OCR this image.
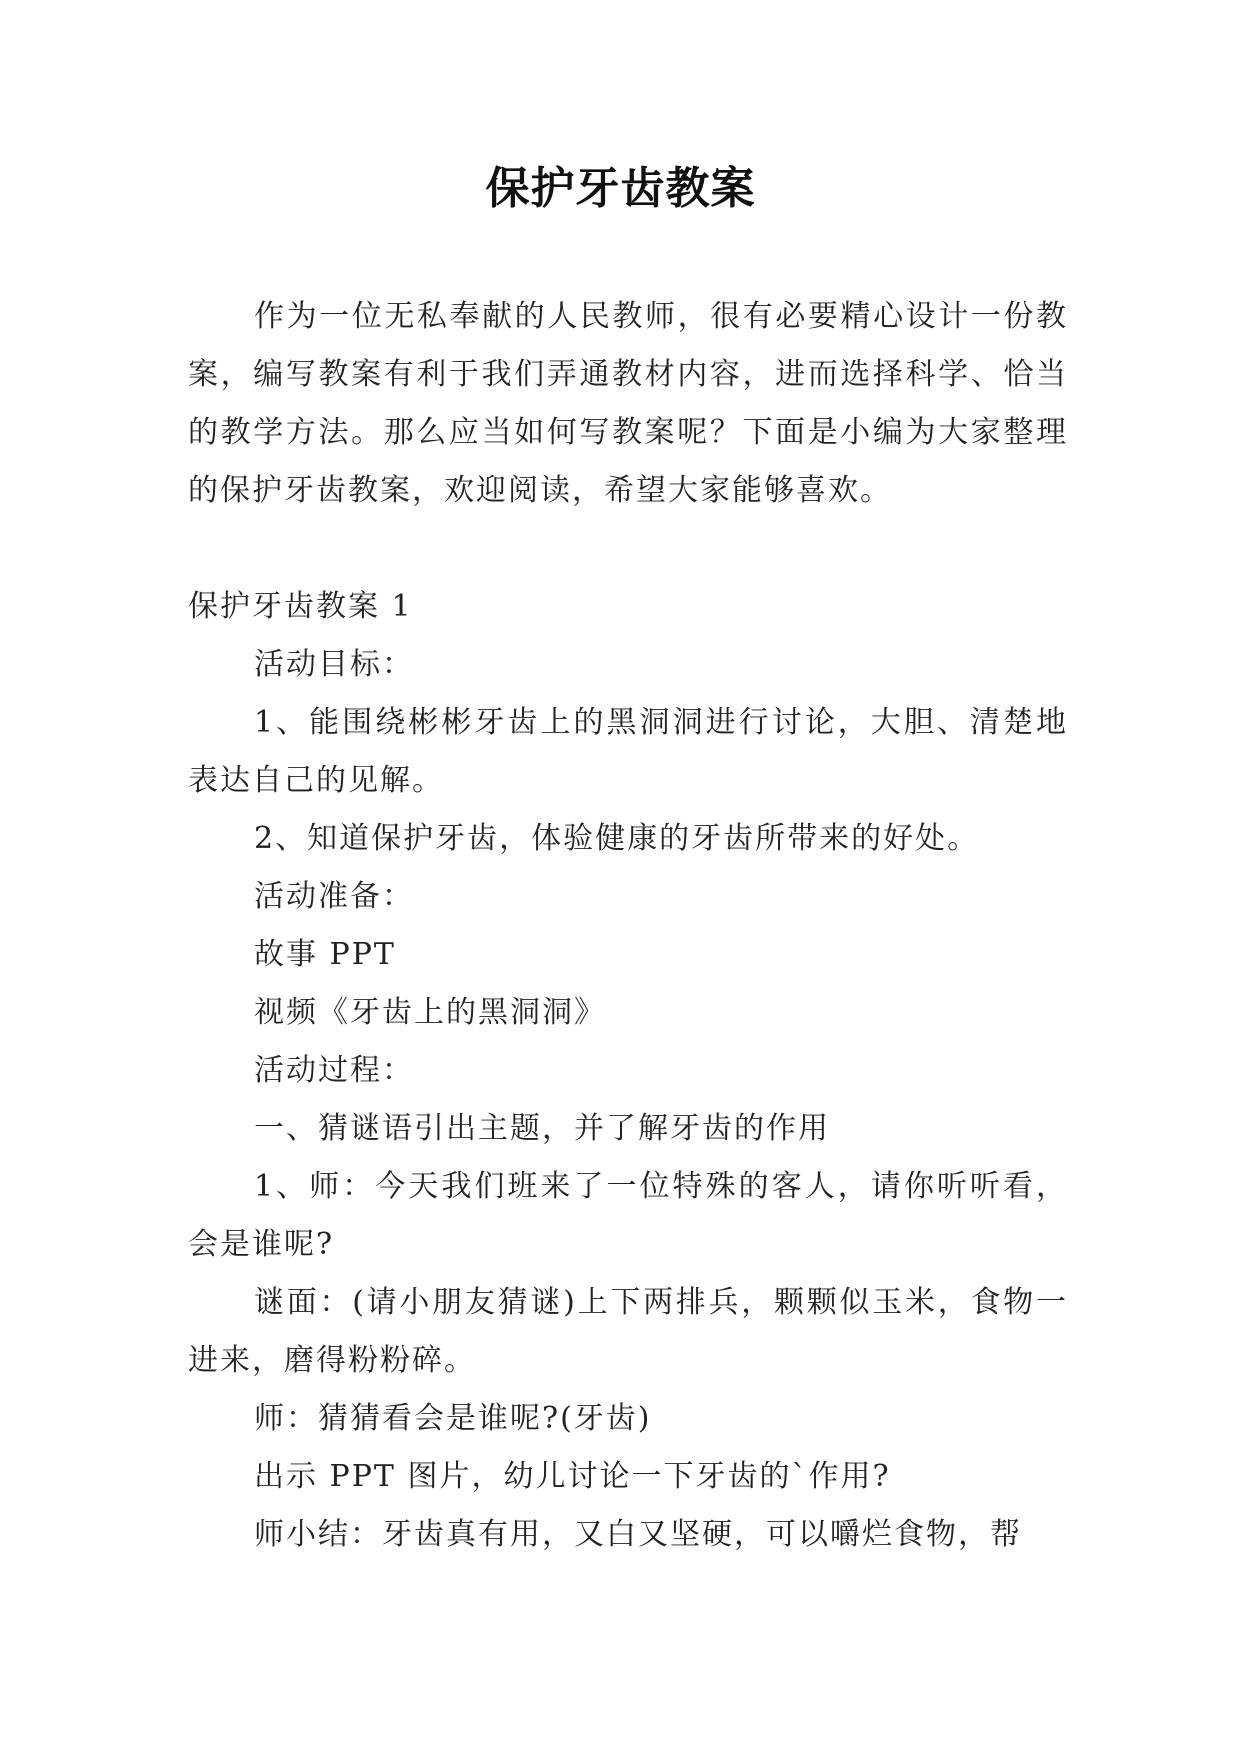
保护牙齿教案

作为一位无私奉献的人民教师，很有必要精心设计一份教案，编写教案有利于我们弄通教材内容，进而选择科学、恰当的教学方法。那么应当如何写教案呢？下面是小编为大家整理的保护牙齿教案，欢迎阅读，希望大家能够喜欢。

保护牙齿教案 1

活动目标：

1、能围绕彬彬牙齿上的黑洞洞进行讨论，大胆、清楚地表达自己的见解。

2、知道保护牙齿，体验健康的牙齿所带来的好处。

活动准备：

故事 PPT

视频《牙齿上的黑洞洞》

活动过程：

一、猜谜语引出主题，并了解牙齿的作用

1、师：今天我们班来了一位特殊的客人，请你听听看，会是谁呢?

谜面：(请小朋友猜谜)上下两排兵，颗颗似玉米，食物一进来，磨得粉粉碎。

师：猜猜看会是谁呢?(牙齿)

出示 PPT 图片，幼儿讨论一下牙齿的`作用?

师小结：牙齿真有用，又白又坚硬，可以嚼烂食物，帮
